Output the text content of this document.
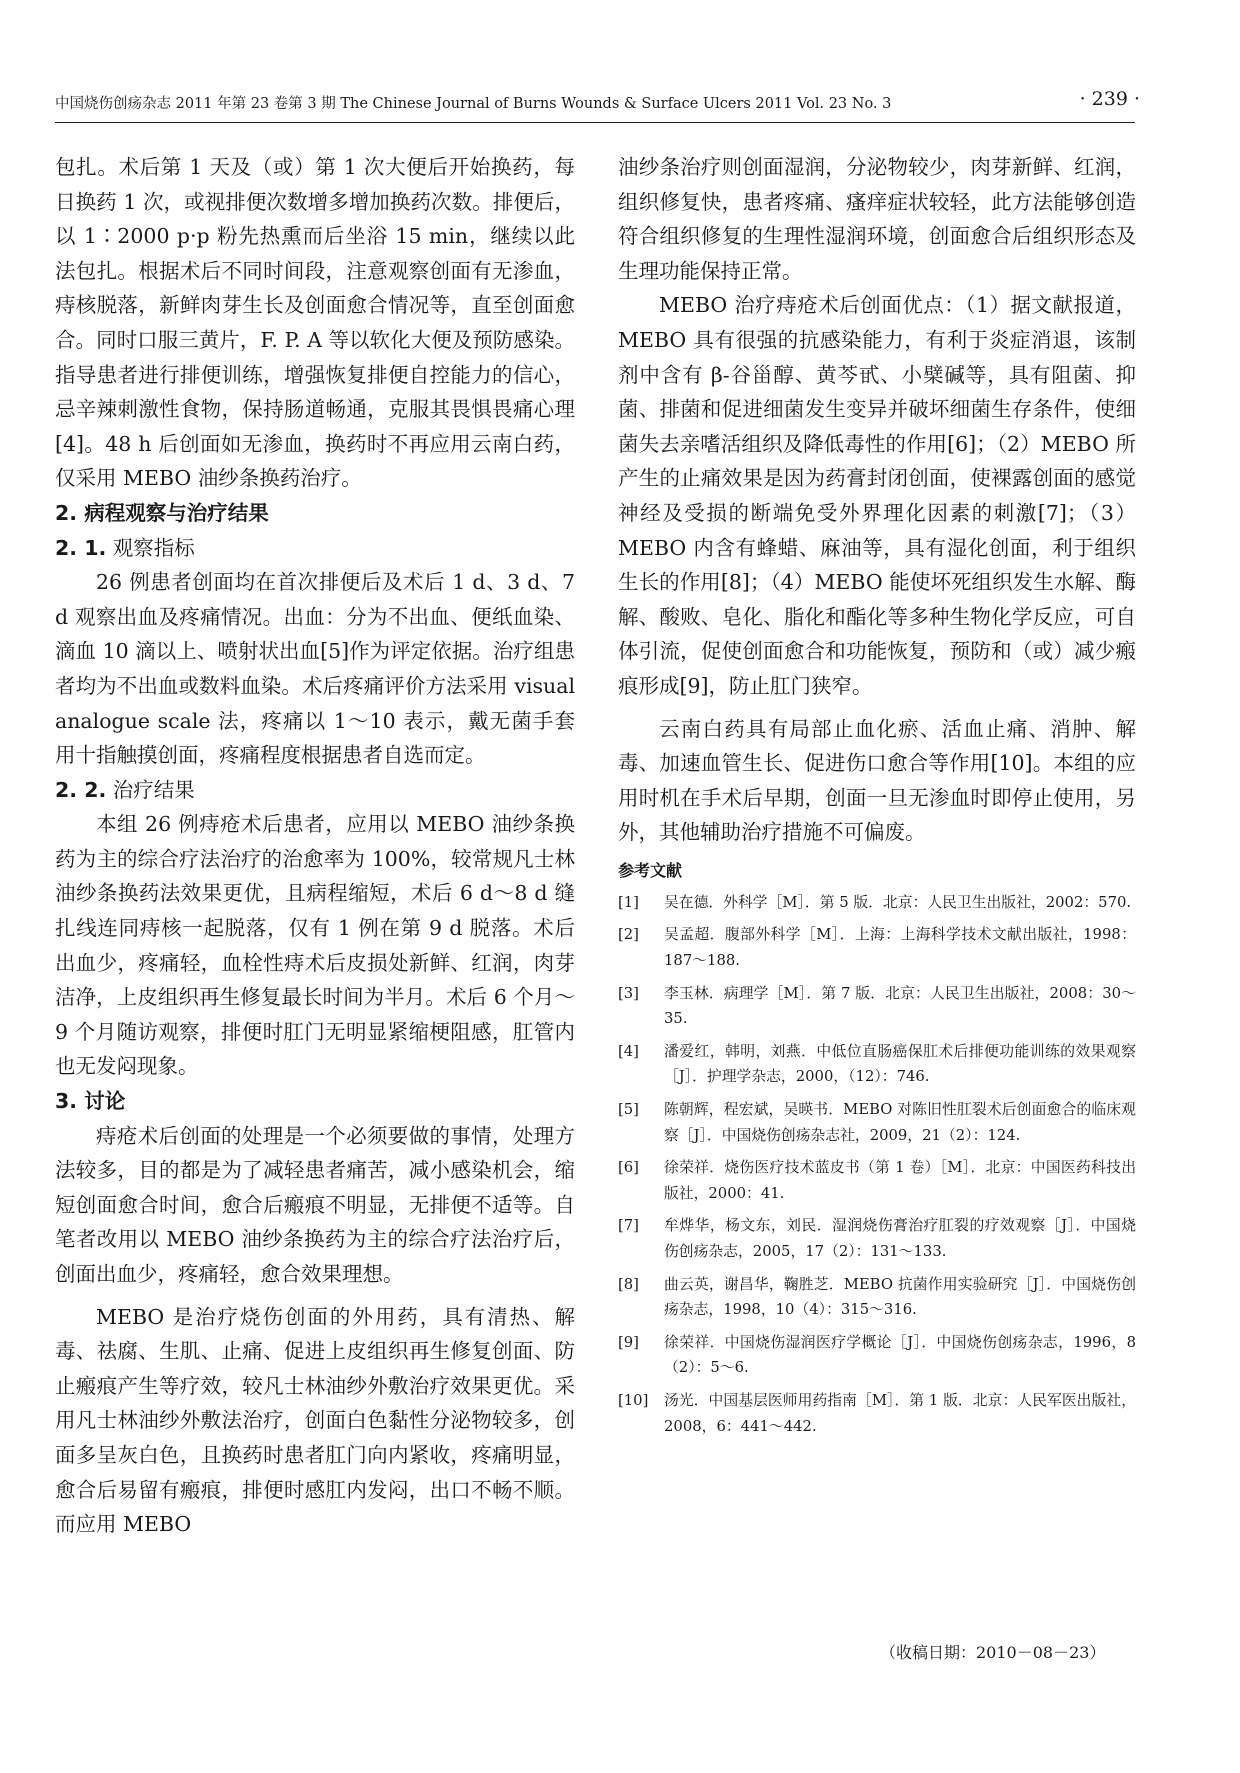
中国烧伤创疡杂志 2011 年第 23 卷第 3 期 The Chinese Journal of Burns Wounds & Surface Ulcers 2011 Vol. 23 No. 3	· 239 ·

包扎。术后第 1 天及（或）第 1 次大便后开始换药，每日换药 1 次，或视排便次数增多增加换药次数。排便后，以 1∶2000 p·p 粉先热熏而后坐浴 15 min，继续以此法包扎。根据术后不同时间段，注意观察创面有无渗血，痔核脱落，新鲜肉芽生长及创面愈合情况等，直至创面愈合。同时口服三黄片，F. P. A 等以软化大便及预防感染。指导患者进行排便训练，增强恢复排便自控能力的信心，忌辛辣刺激性食物，保持肠道畅通，克服其畏惧畏痛心理[4]。48 h 后创面如无渗血，换药时不再应用云南白药，仅采用 MEBO 油纱条换药治疗。

2. 病程观察与治疗结果

2. 1. 观察指标

26 例患者创面均在首次排便后及术后 1 d、3 d、7 d 观察出血及疼痛情况。出血：分为不出血、便纸血染、滴血 10 滴以上、喷射状出血[5]作为评定依据。治疗组患者均为不出血或数料血染。术后疼痛评价方法采用 visual analogue scale 法，疼痛以 1～10 表示，戴无菌手套用十指触摸创面，疼痛程度根据患者自选而定。

2. 2. 治疗结果

本组 26 例痔疮术后患者，应用以 MEBO 油纱条换药为主的综合疗法治疗的治愈率为 100%，较常规凡士林油纱条换药法效果更优，且病程缩短，术后 6 d～8 d 缝扎线连同痔核一起脱落，仅有 1 例在第 9 d 脱落。术后出血少，疼痛轻，血栓性痔术后皮损处新鲜、红润，肉芽洁净，上皮组织再生修复最长时间为半月。术后 6 个月～9 个月随访观察，排便时肛门无明显紧缩梗阻感，肛管内也无发闷现象。

3. 讨论

痔疮术后创面的处理是一个必须要做的事情，处理方法较多，目的都是为了减轻患者痛苦，减小感染机会，缩短创面愈合时间，愈合后瘢痕不明显，无排便不适等。自笔者改用以 MEBO 油纱条换药为主的综合疗法治疗后，创面出血少，疼痛轻，愈合效果理想。

MEBO 是治疗烧伤创面的外用药，具有清热、解毒、祛腐、生肌、止痛、促进上皮组织再生修复创面、防止瘢痕产生等疗效，较凡士林油纱外敷治疗效果更优。采用凡士林油纱外敷法治疗，创面白色黏性分泌物较多，创面多呈灰白色，且换药时患者肛门向内紧收，疼痛明显，愈合后易留有瘢痕，排便时感肛内发闷，出口不畅不顺。而应用 MEBO

油纱条治疗则创面湿润，分泌物较少，肉芽新鲜、红润，组织修复快，患者疼痛、瘙痒症状较轻，此方法能够创造符合组织修复的生理性湿润环境，创面愈合后组织形态及生理功能保持正常。

MEBO 治疗痔疮术后创面优点：（1）据文献报道，MEBO 具有很强的抗感染能力，有利于炎症消退，该制剂中含有 β-谷甾醇、黄芩甙、小檗碱等，具有阻菌、抑菌、排菌和促进细菌发生变异并破坏细菌生存条件，使细菌失去亲嗜活组织及降低毒性的作用[6]；（2）MEBO 所产生的止痛效果是因为药膏封闭创面，使裸露创面的感觉神经及受损的断端免受外界理化因素的刺激[7]；（3）MEBO 内含有蜂蜡、麻油等，具有湿化创面，利于组织生长的作用[8]；（4）MEBO 能使坏死组织发生水解、酶解、酸败、皂化、脂化和酯化等多种生物化学反应，可自体引流，促使创面愈合和功能恢复，预防和（或）减少瘢痕形成[9]，防止肛门狭窄。

云南白药具有局部止血化瘀、活血止痛、消肿、解毒、加速血管生长、促进伤口愈合等作用[10]。本组的应用时机在手术后早期，创面一旦无渗血时即停止使用，另外，其他辅助治疗措施不可偏废。

参考文献
[1]	吴在德．外科学［M］．第 5 版．北京：人民卫生出版社，2002：570.
[2]	吴孟超．腹部外科学［M］．上海：上海科学技术文献出版社，1998：187～188.
[3]	李玉林．病理学［M］．第 7 版．北京：人民卫生出版社，2008：30～35.
[4]	潘爱红，韩明，刘燕．中低位直肠癌保肛术后排便功能训练的效果观察［J］．护理学杂志，2000，（12）：746.
[5]	陈朝辉，程宏斌，吴暎书．MEBO 对陈旧性肛裂术后创面愈合的临床观察［J］．中国烧伤创疡杂志社，2009，21（2）：124.
[6]	徐荣祥．烧伤医疗技术蓝皮书（第 1 卷）［M］．北京：中国医药科技出版社，2000：41.
[7]	牟烨华，杨文东，刘民．湿润烧伤膏治疗肛裂的疗效观察［J］．中国烧伤创疡杂志，2005，17（2）：131～133.
[8]	曲云英，谢昌华，鞠胜芝．MEBO 抗菌作用实验研究［J］．中国烧伤创疡杂志，1998，10（4）：315～316.
[9]	徐荣祥．中国烧伤湿润医疗学概论［J］．中国烧伤创疡杂志，1996，8（2）：5～6.
[10]	汤光．中国基层医师用药指南［M］．第 1 版．北京：人民军医出版社，2008，6：441～442.
（收稿日期：2010－08－23）
